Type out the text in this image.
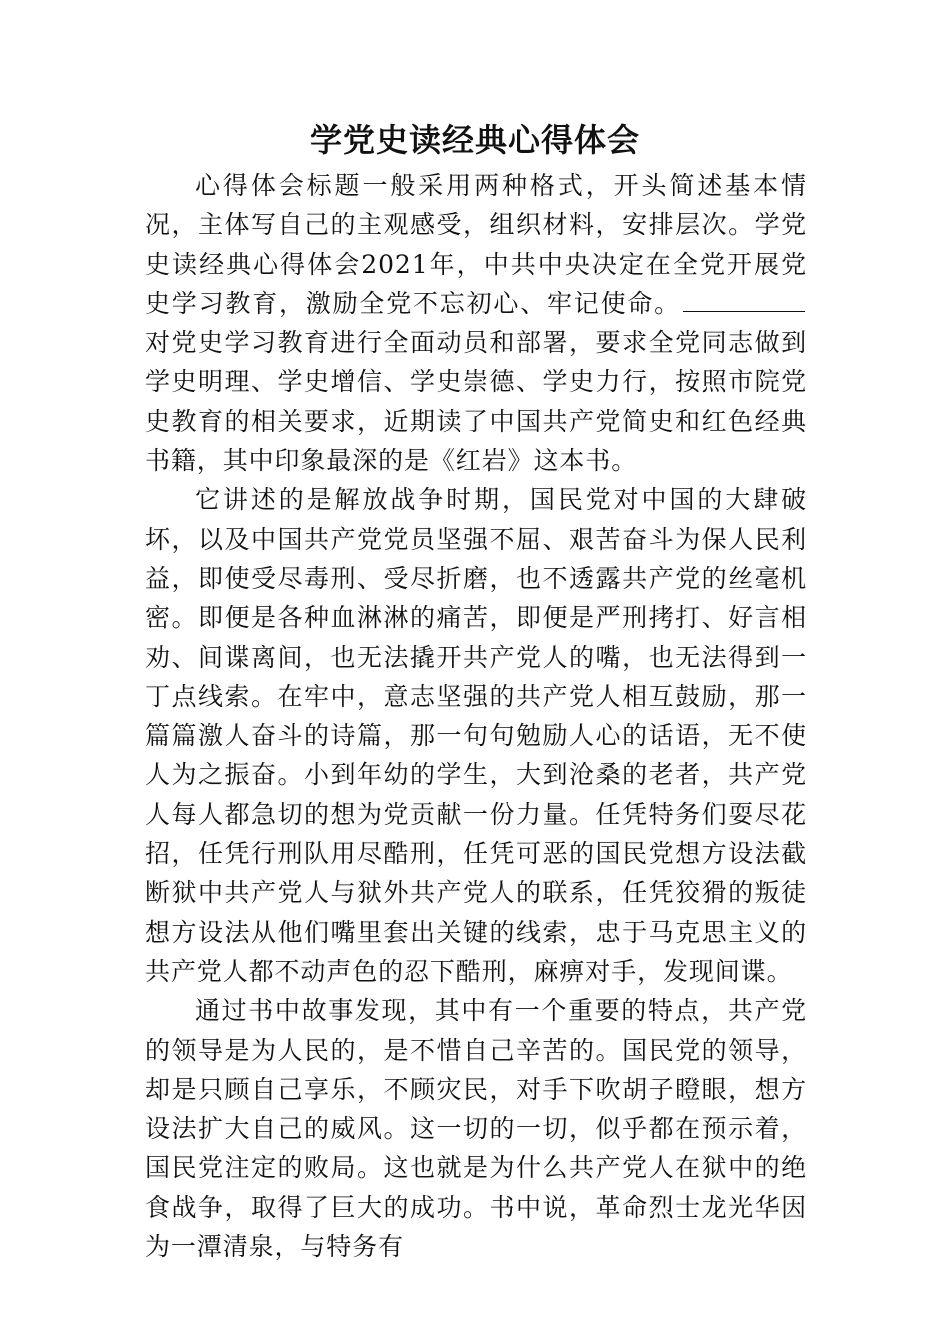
学党史读经典心得体会

心得体会标题一般采用两种格式，开头简述基本情况，主体写自己的主观感受，组织材料，安排层次。学党史读经典心得体会2021年，中共中央决定在全党开展党史学习教育，激励全党不忘初心、牢记使命。对党史学习教育进行全面动员和部署，要求全党同志做到学史明理、学史增信、学史崇德、学史力行，按照市院党史教育的相关要求，近期读了中国共产党简史和红色经典书籍，其中印象最深的是《红岩》这本书。

它讲述的是解放战争时期，国民党对中国的大肆破坏，以及中国共产党党员坚强不屈、艰苦奋斗为保人民利益，即使受尽毒刑、受尽折磨，也不透露共产党的丝毫机密。即便是各种血淋淋的痛苦，即便是严刑拷打、好言相劝、间谍离间，也无法撬开共产党人的嘴，也无法得到一丁点线索。在牢中，意志坚强的共产党人相互鼓励，那一篇篇激人奋斗的诗篇，那一句句勉励人心的话语，无不使人为之振奋。小到年幼的学生，大到沧桑的老者，共产党人每人都急切的想为党贡献一份力量。任凭特务们耍尽花招，任凭行刑队用尽酷刑，任凭可恶的国民党想方设法截断狱中共产党人与狱外共产党人的联系，任凭狡猾的叛徒想方设法从他们嘴里套出关键的线索，忠于马克思主义的共产党人都不动声色的忍下酷刑，麻痹对手，发现间谍。

通过书中故事发现，其中有一个重要的特点，共产党的领导是为人民的，是不惜自己辛苦的。国民党的领导，却是只顾自己享乐，不顾灾民，对手下吹胡子瞪眼，想方设法扩大自己的威风。这一切的一切，似乎都在预示着，国民党注定的败局。这也就是为什么共产党人在狱中的绝食战争，取得了巨大的成功。书中说，革命烈士龙光华因为一潭清泉，与特务有
